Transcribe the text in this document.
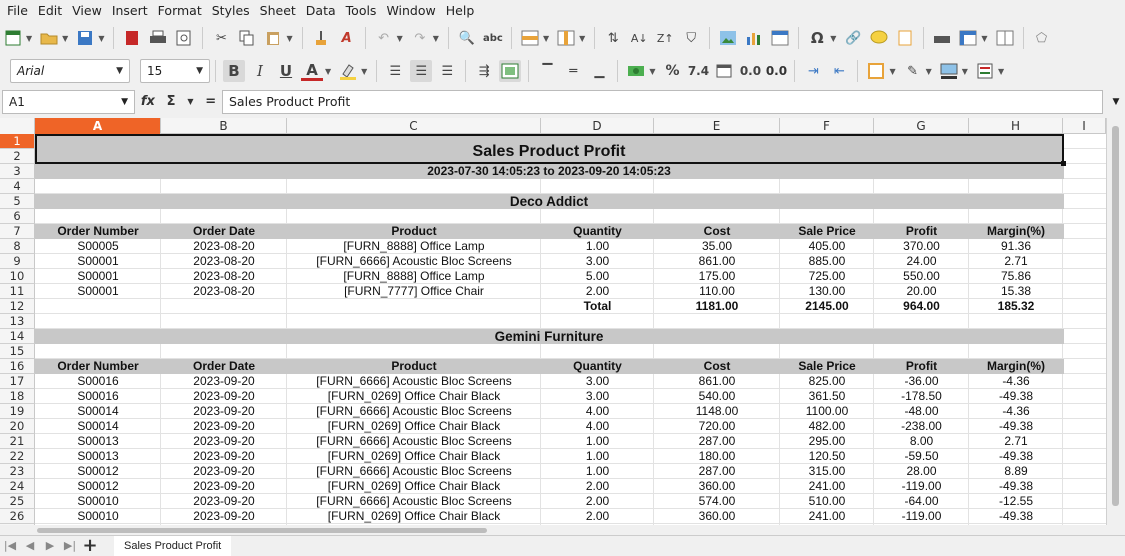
File Edit View Insert Format Styles Sheet Data Tools Window Help
▼	▼	▼	✂	▼	A	↶ ▼ ↷ ▼ 🔍 abc	▼	▼	⇅	A↓ Z↑ ⛉	Ω ▼ 🔗	▼	⬠
Arial	▼ 15	▼	B	I	U A ▼	▼	☰	☰	☰	⇶	▔	═	▁	▼ % 7.4	0.0 0.0	⇥	⇤	▼ ✎ ▼	▼	▼
A1	▼ fx Σ ▼ = Sales Product Profit	▼
A	B	C	D	E	F	G	H	I
1
2
3
4
5
6
7
8
9
10
11
12
13
14
15
16
17
18
19
20
21
22
23
24
25
26
Sales Product Profit
2023-07-30 14:05:23 to 2023-09-20 14:05:23
Deco Addict
Order Number	Order Date	Product	Quantity	Cost	Sale Price	Profit	Margin(%)
S00005	2023-08-20	[FURN_8888] Office Lamp	1.00	35.00	405.00	370.00	91.36
S00001	2023-08-20	[FURN_6666] Acoustic Bloc Screens	3.00	861.00	885.00	24.00	2.71
S00001	2023-08-20	[FURN_8888] Office Lamp	5.00	175.00	725.00	550.00	75.86
S00001	2023-08-20	[FURN_7777] Office Chair	2.00	110.00	130.00	20.00	15.38
Total	1181.00	2145.00	964.00	185.32
Gemini Furniture
Order Number	Order Date	Product	Quantity	Cost	Sale Price	Profit	Margin(%)
S00016	2023-09-20	[FURN_6666] Acoustic Bloc Screens	3.00	861.00	825.00	-36.00	-4.36
S00016	2023-09-20	[FURN_0269] Office Chair Black	3.00	540.00	361.50	-178.50	-49.38
S00014	2023-09-20	[FURN_6666] Acoustic Bloc Screens	4.00	1148.00	1100.00	-48.00	-4.36
S00014	2023-09-20	[FURN_0269] Office Chair Black	4.00	720.00	482.00	-238.00	-49.38
S00013	2023-09-20	[FURN_6666] Acoustic Bloc Screens	1.00	287.00	295.00	8.00	2.71
S00013	2023-09-20	[FURN_0269] Office Chair Black	1.00	180.00	120.50	-59.50	-49.38
S00012	2023-09-20	[FURN_6666] Acoustic Bloc Screens	1.00	287.00	315.00	28.00	8.89
S00012	2023-09-20	[FURN_0269] Office Chair Black	2.00	360.00	241.00	-119.00	-49.38
S00010	2023-09-20	[FURN_6666] Acoustic Bloc Screens	2.00	574.00	510.00	-64.00	-12.55
S00010	2023-09-20	[FURN_0269] Office Chair Black	2.00	360.00	241.00	-119.00	-49.38
|◀ ◀	▶ ▶| +	Sales Product Profit
